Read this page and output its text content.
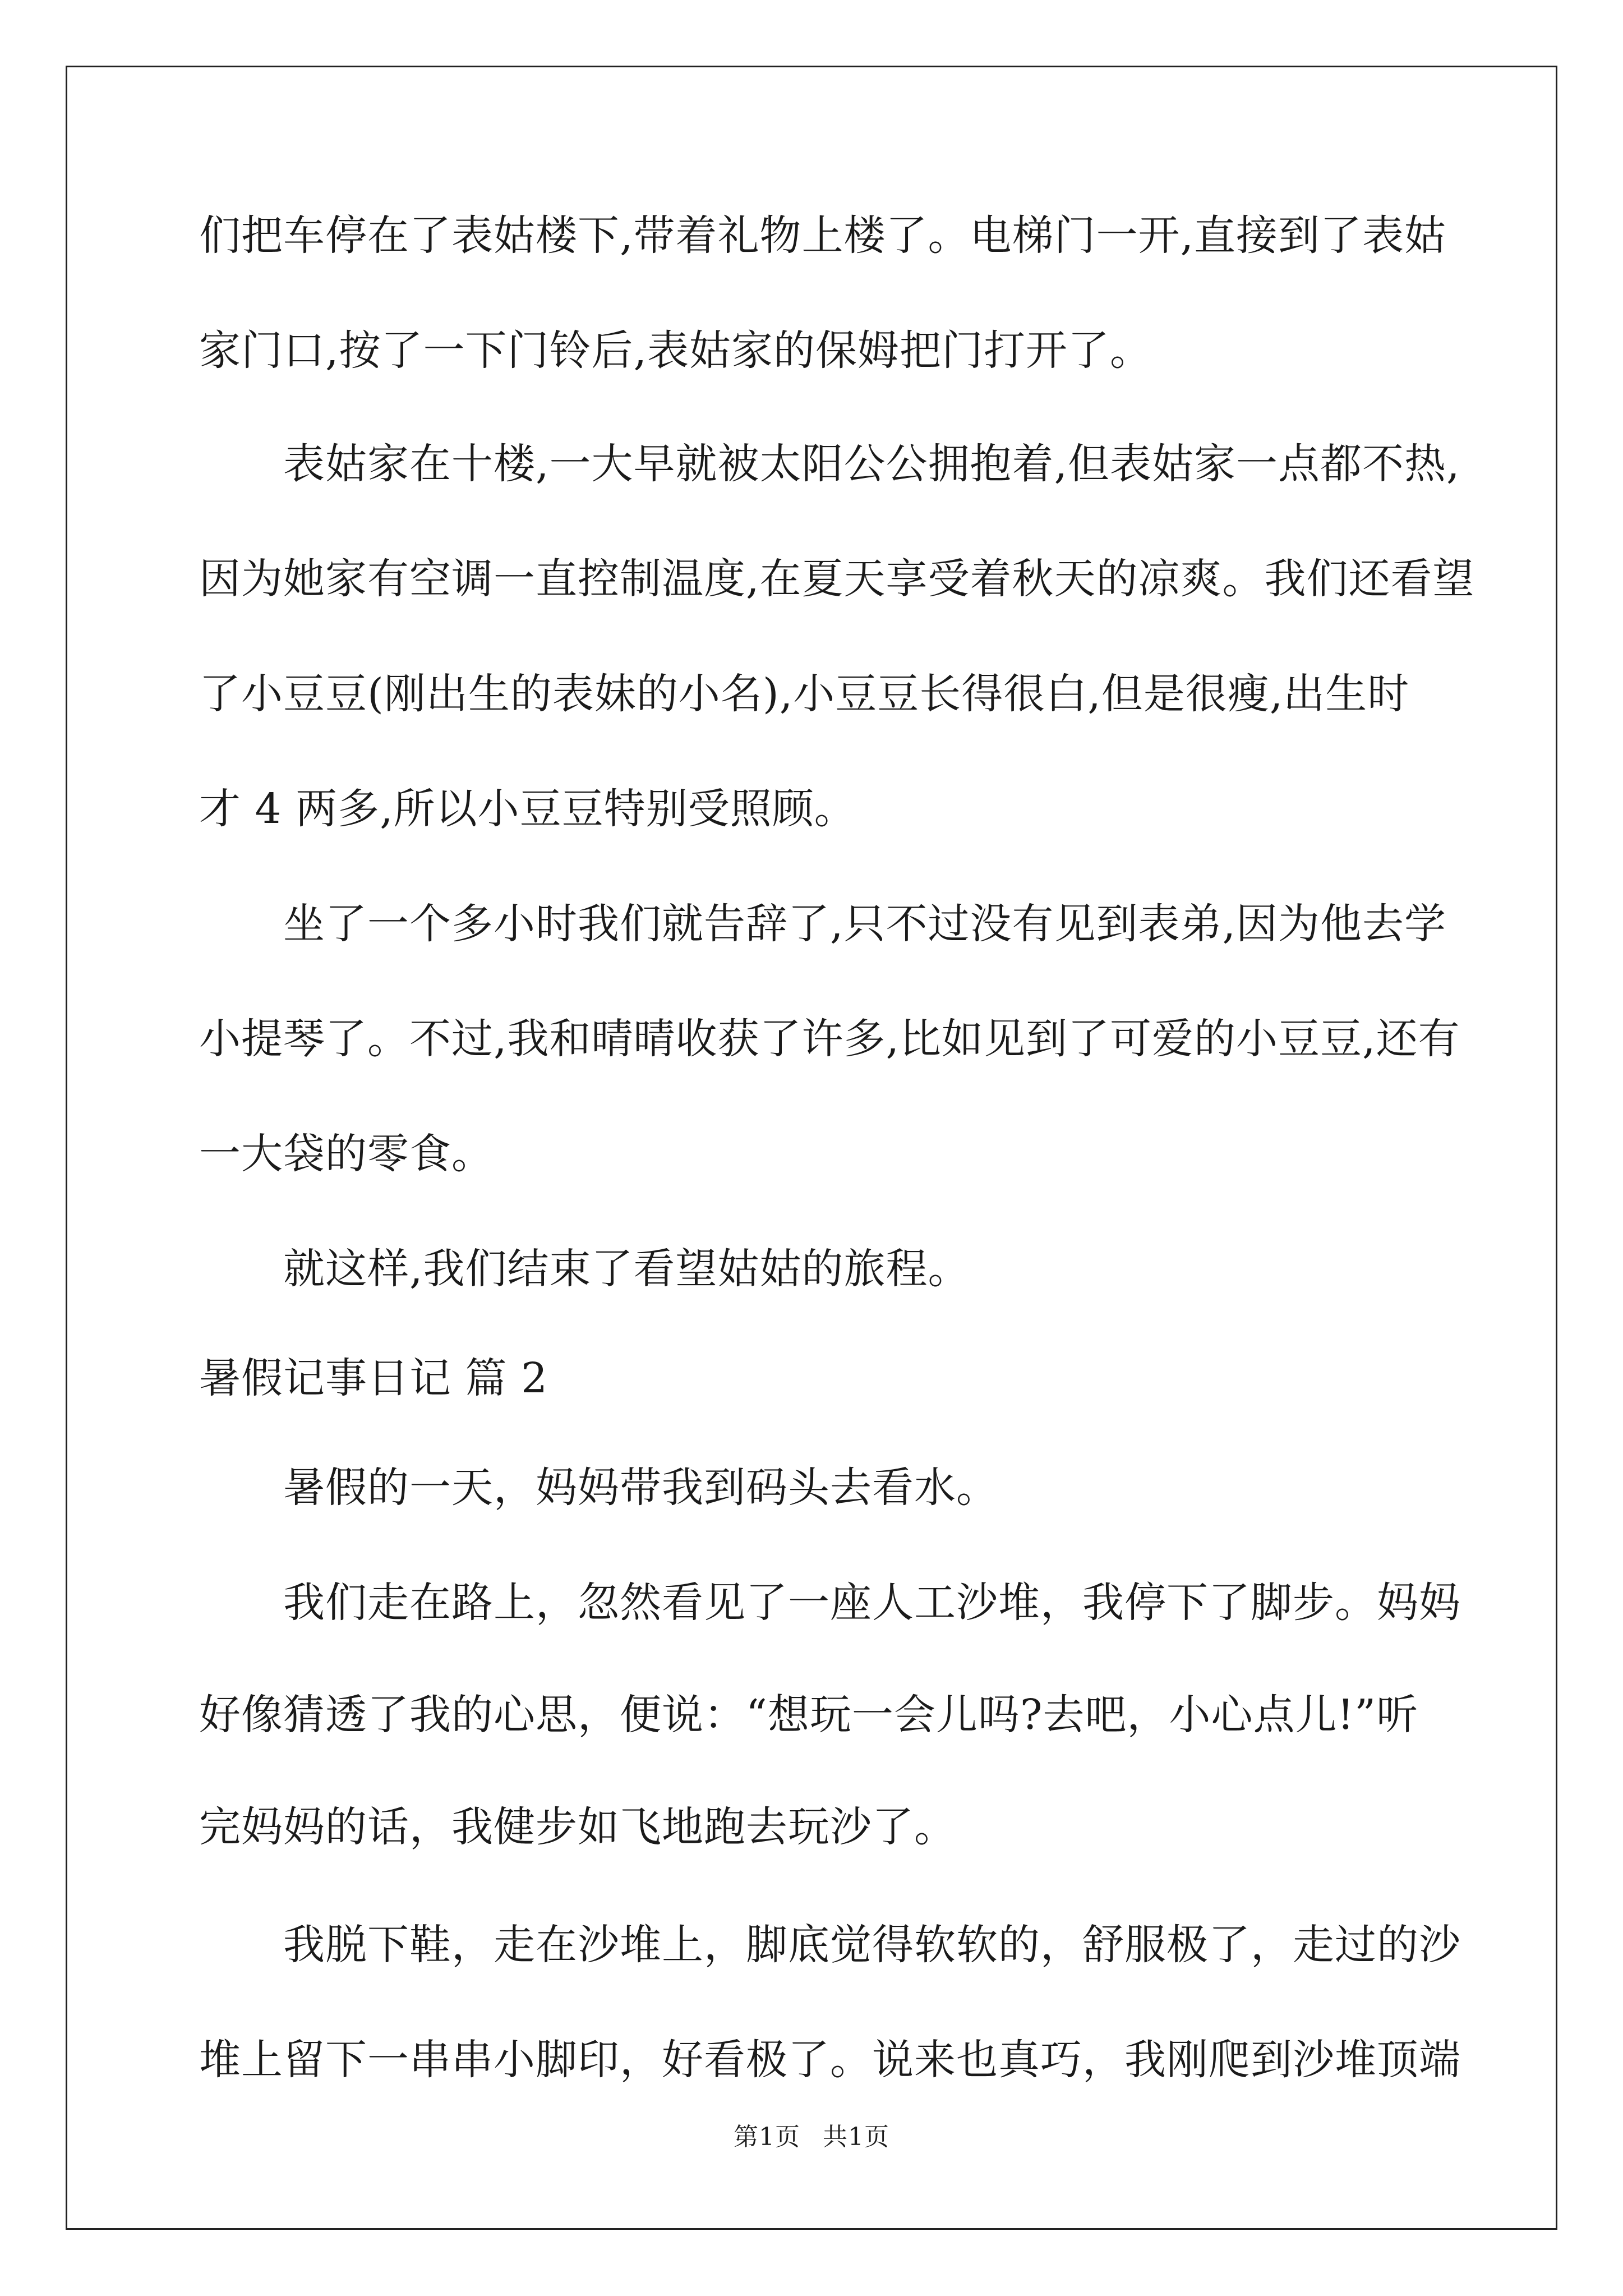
们把车停在了表姑楼下,带着礼物上楼了。电梯门一开,直接到了表姑
家门口,按了一下门铃后,表姑家的保姆把门打开了。
表姑家在十楼,一大早就被太阳公公拥抱着,但表姑家一点都不热,
因为她家有空调一直控制温度,在夏天享受着秋天的凉爽。我们还看望
了小豆豆(刚出生的表妹的小名),小豆豆长得很白,但是很瘦,出生时
才 4 两多,所以小豆豆特别受照顾。
坐了一个多小时我们就告辞了,只不过没有见到表弟,因为他去学
小提琴了。不过,我和晴晴收获了许多,比如见到了可爱的小豆豆,还有
一大袋的零食。
就这样,我们结束了看望姑姑的旅程。
暑假记事日记 篇 2
暑假的一天，妈妈带我到码头去看水。
我们走在路上，忽然看见了一座人工沙堆，我停下了脚步。妈妈
好像猜透了我的心思，便说：“想玩一会儿吗?去吧，小心点儿!”听
完妈妈的话，我健步如飞地跑去玩沙了。
我脱下鞋，走在沙堆上，脚底觉得软软的，舒服极了，走过的沙
堆上留下一串串小脚印，好看极了。说来也真巧，我刚爬到沙堆顶端
第1页 共1页
